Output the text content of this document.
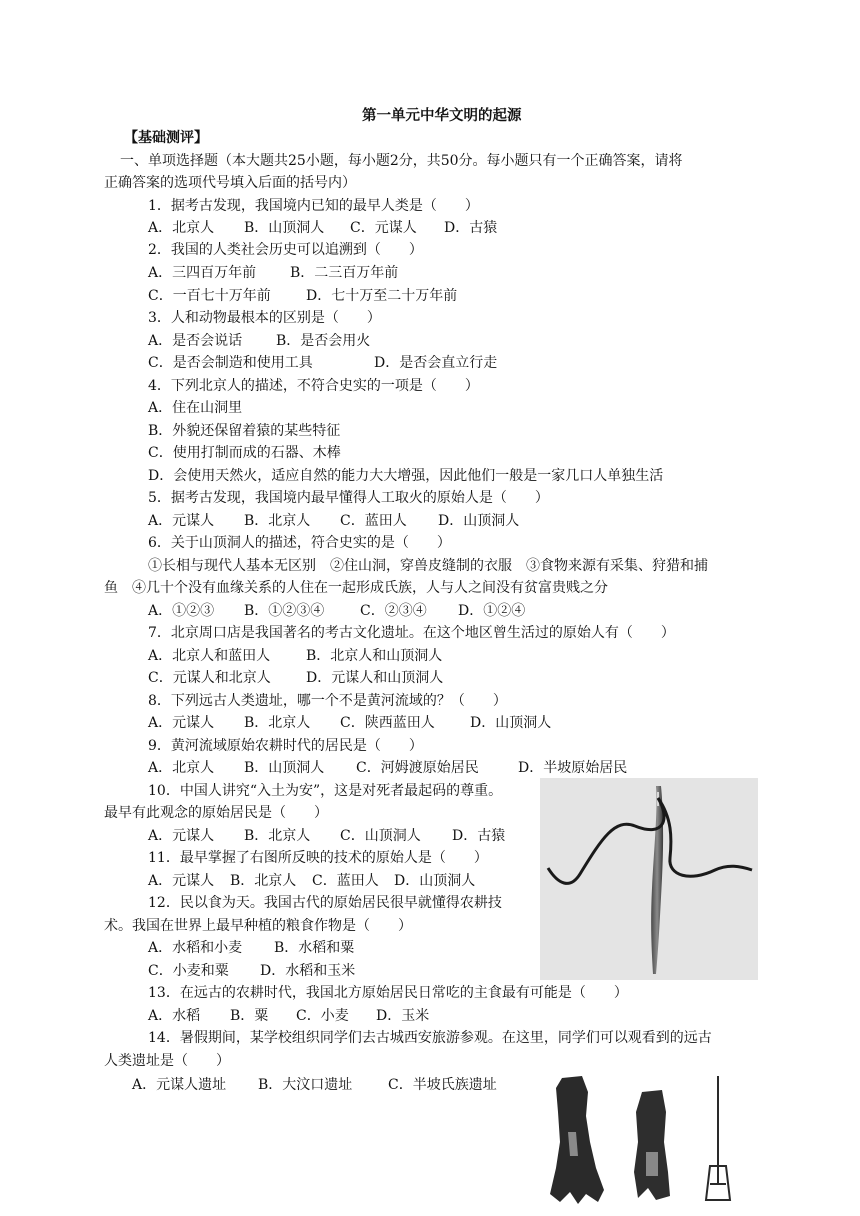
第一单元中华文明的起源
【基础测评】
一、单项选择题（本大题共25小题，每小题2分，共50分。每小题只有一个正确答案，请将
正确答案的选项代号填入后面的括号内）
1．据考古发现，我国境内已知的最早人类是（　　）
A．北京人 B．山顶洞人 C．元谋人 D．古猿
2．我国的人类社会历史可以追溯到（　　）
A．三四百万年前 B．二三百万年前
C．一百七十万年前	D．七十万至二十万年前
3．人和动物最根本的区别是（　　）
A．是否会说话 B．是否会用火
C．是否会制造和使用工具	D．是否会直立行走
4．下列北京人的描述，不符合史实的一项是（　　）
A．住在山洞里
B．外貌还保留着猿的某些特征
C．使用打制而成的石器、木棒
D．会使用天然火，适应自然的能力大大增强，因此他们一般是一家几口人单独生活
5．据考古发现，我国境内最早懂得人工取火的原始人是（　　）
A．元谋人 B．北京人 C．蓝田人 D．山顶洞人
6．关于山顶洞人的描述，符合史实的是（　　）
①长相与现代人基本无区别　②住山洞，穿兽皮缝制的衣服　③食物来源有采集、狩猎和捕
鱼　④几十个没有血缘关系的人住在一起形成氏族，人与人之间没有贫富贵贱之分
A．①②③ B．①②③④	C．②③④ D．①②④
7．北京周口店是我国著名的考古文化遗址。在这个地区曾生活过的原始人有（　　）
A．北京人和蓝田人	B．北京人和山顶洞人
C．元谋人和北京人	D．元谋人和山顶洞人
8．下列远古人类遗址，哪一个不是黄河流域的？（　　）
A．元谋人 B．北京人 C．陕西蓝田人	D．山顶洞人
9．黄河流域原始农耕时代的居民是（　　）
A．北京人 B．山顶洞人 C．河姆渡原始居民	D．半坡原始居民
10．中国人讲究“入土为安”，这是对死者最起码的尊重。
最早有此观念的原始居民是（　　）
A．元谋人 B．北京人 C．山顶洞人 D．古猿
11．最早掌握了右图所反映的技术的原始人是（　　）
A．元谋人 B．北京人 C．蓝田人 D．山顶洞人
12．民以食为天。我国古代的原始居民很早就懂得农耕技
术。我国在世界上最早种植的粮食作物是（　　）
A．水稻和小麦 B．水稻和粟
C．小麦和粟 D．水稻和玉米
13．在远古的农耕时代，我国北方原始居民日常吃的主食最有可能是（　　）
A．水稻 B．粟 C．小麦 D．玉米
14．暑假期间，某学校组织同学们去古城西安旅游参观。在这里，同学们可以观看到的远古
人类遗址是（　　）
A．元谋人遗址 B．大汶口遗址	C．半坡氏族遗址
